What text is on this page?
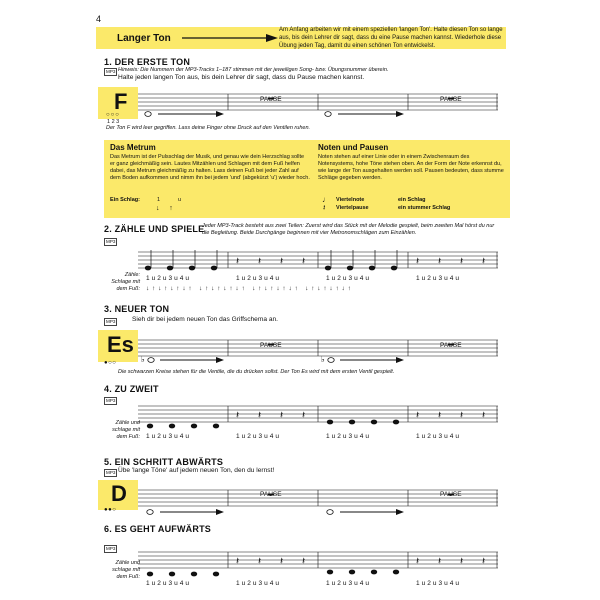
4
Langer Ton
Am Anfang arbeiten wir mit einem speziellen 'langen Ton'. Halte diesen Ton so lange aus, bis dein Lehrer dir sagt, dass du eine Pause machen kannst. Wiederhole diese Übung jeden Tag, damit du einen schönen Ton entwickelst.
1. DER ERSTE TON
MP3 Hinweis: Die Nummern der MP3-Tracks 1–187 stimmen mit der jeweiligen Song- bzw. Übungsnummer überein.
Halte jeden langen Ton aus, bis dein Lehrer dir sagt, dass du Pause machen kannst.
F
○○○
1 2 3
PAUSE	PAUSE
Der Ton F wird leer gegriffen. Lass deine Finger ohne Druck auf den Ventilen ruhen.
Das Metrum
Das Metrum ist der Pulsschlag der Musik, und genau wie dein Herzschlag sollte er ganz gleichmäßig sein. Lautes Mitzählen und Schlagen mit dem Fuß helfen dabei, das Metrum gleichmäßig zu halten. Lass deinen Fuß bei jeder Zahl auf dem Boden aufkommen und nimm ihn bei jedem 'und' (abgekürzt 'u') wieder hoch.
Ein Schlag:	1	u
↓     ↑
Noten und Pausen
Noten stehen auf einer Linie oder in einem Zwischenraum des Notensystems, hohe Töne stehen oben. An der Form der Note erkennst du, wie lange der Ton ausgehalten werden soll. Pausen bedeuten, dass stumme Schläge gegeben werden.
Viertelnote	ein Schlag
Viertelpause	ein stummer Schlag
♩
𝄽
2. ZÄHLE UND SPIELE
Jeder MP3-Track besteht aus zwei Teilen: Zuerst wird das Stück mit der Melodie gespielt, beim zweiten Mal hörst du nur die Begleitung. Beide Durchgänge beginnen mit vier Metronomschlägen zum Einzählen.
MP3
𝄽 𝄽 𝄽 𝄽	𝄽 𝄽 𝄽 𝄽
Zähle: Schlage mit dem Fuß:
1 u 2 u 3 u 4 u	1 u 2 u 3 u 4 u	1 u 2 u 3 u 4 u	1 u 2 u 3 u 4 u
↓ ↑ ↓ ↑ ↓ ↑ ↓ ↑   ↓ ↑ ↓ ↑ ↓ ↑ ↓ ↑   ↓ ↑ ↓ ↑ ↓ ↑ ↓ ↑   ↓ ↑ ↓ ↑ ↓ ↑ ↓ ↑
3. NEUER TON
MP3	Sieh dir bei jedem neuen Ton das Griffschema an.
Es
●○○	♭	♭
PAUSE	PAUSE
Die schwarzen Kreise stehen für die Ventile, die du drücken sollst. Der Ton Es wird mit dem ersten Ventil gespielt.
4. ZU ZWEIT
MP3
𝄽 𝄽 𝄽 𝄽	𝄽 𝄽 𝄽 𝄽
Zähle und schlage mit dem Fuß: 1 u 2 u 3 u 4 u	1 u 2 u 3 u 4 u	1 u 2 u 3 u 4 u	1 u 2 u 3 u 4 u
5. EIN SCHRITT ABWÄRTS
MP3 Übe 'lange Töne' auf jedem neuen Ton, den du lernst!
D
●●○
PAUSE	PAUSE
6. ES GEHT AUFWÄRTS
MP3
𝄽 𝄽 𝄽 𝄽	𝄽 𝄽 𝄽 𝄽
Zähle und schlage mit dem Fuß:
1 u 2 u 3 u 4 u	1 u 2 u 3 u 4 u	1 u 2 u 3 u 4 u	1 u 2 u 3 u 4 u
